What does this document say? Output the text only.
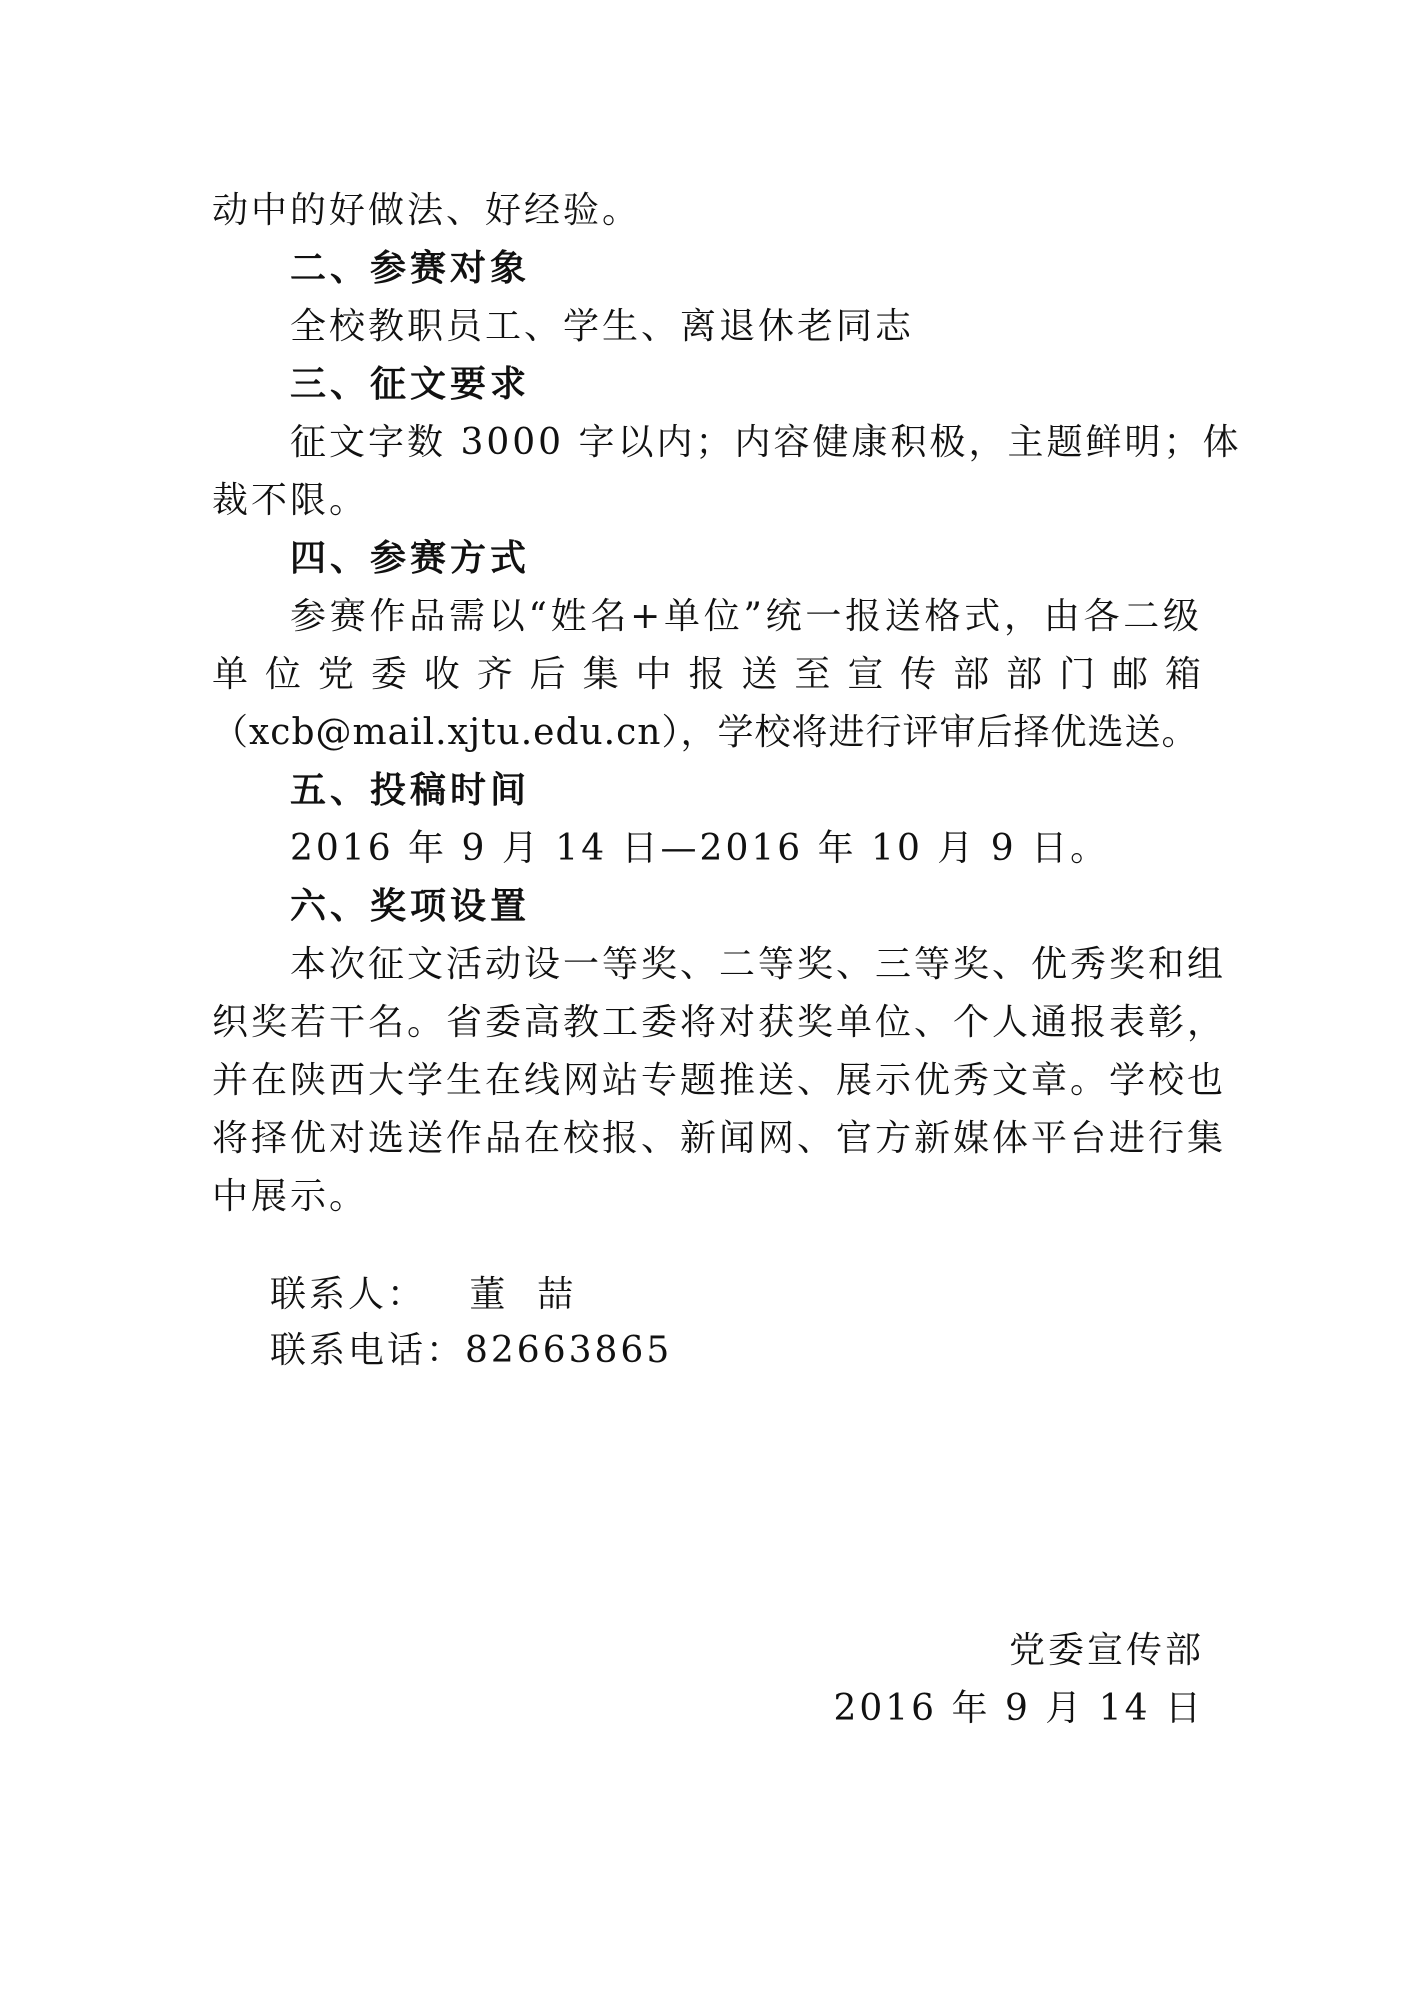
动中的好做法、好经验。
二、参赛对象
全校教职员工、学生、离退休老同志
三、征文要求
征文字数 3000 字以内；内容健康积极，主题鲜明；体
裁不限。
四、参赛方式
参赛作品需以“姓名+单位”统一报送格式，由各二级
单位党委收齐后集中报送至宣传部部门邮箱
（xcb@mail.xjtu.edu.cn），学校将进行评审后择优选送。
五、投稿时间
2016 年 9 月 14 日—2016 年 10 月 9 日。
六、奖项设置
本次征文活动设一等奖、二等奖、三等奖、优秀奖和组
织奖若干名。省委高教工委将对获奖单位、个人通报表彰，
并在陕西大学生在线网站专题推送、展示优秀文章。学校也
将择优对选送作品在校报、新闻网、官方新媒体平台进行集
中展示。
联系人：   董  喆
联系电话：82663865
党委宣传部
2016 年 9 月 14 日
